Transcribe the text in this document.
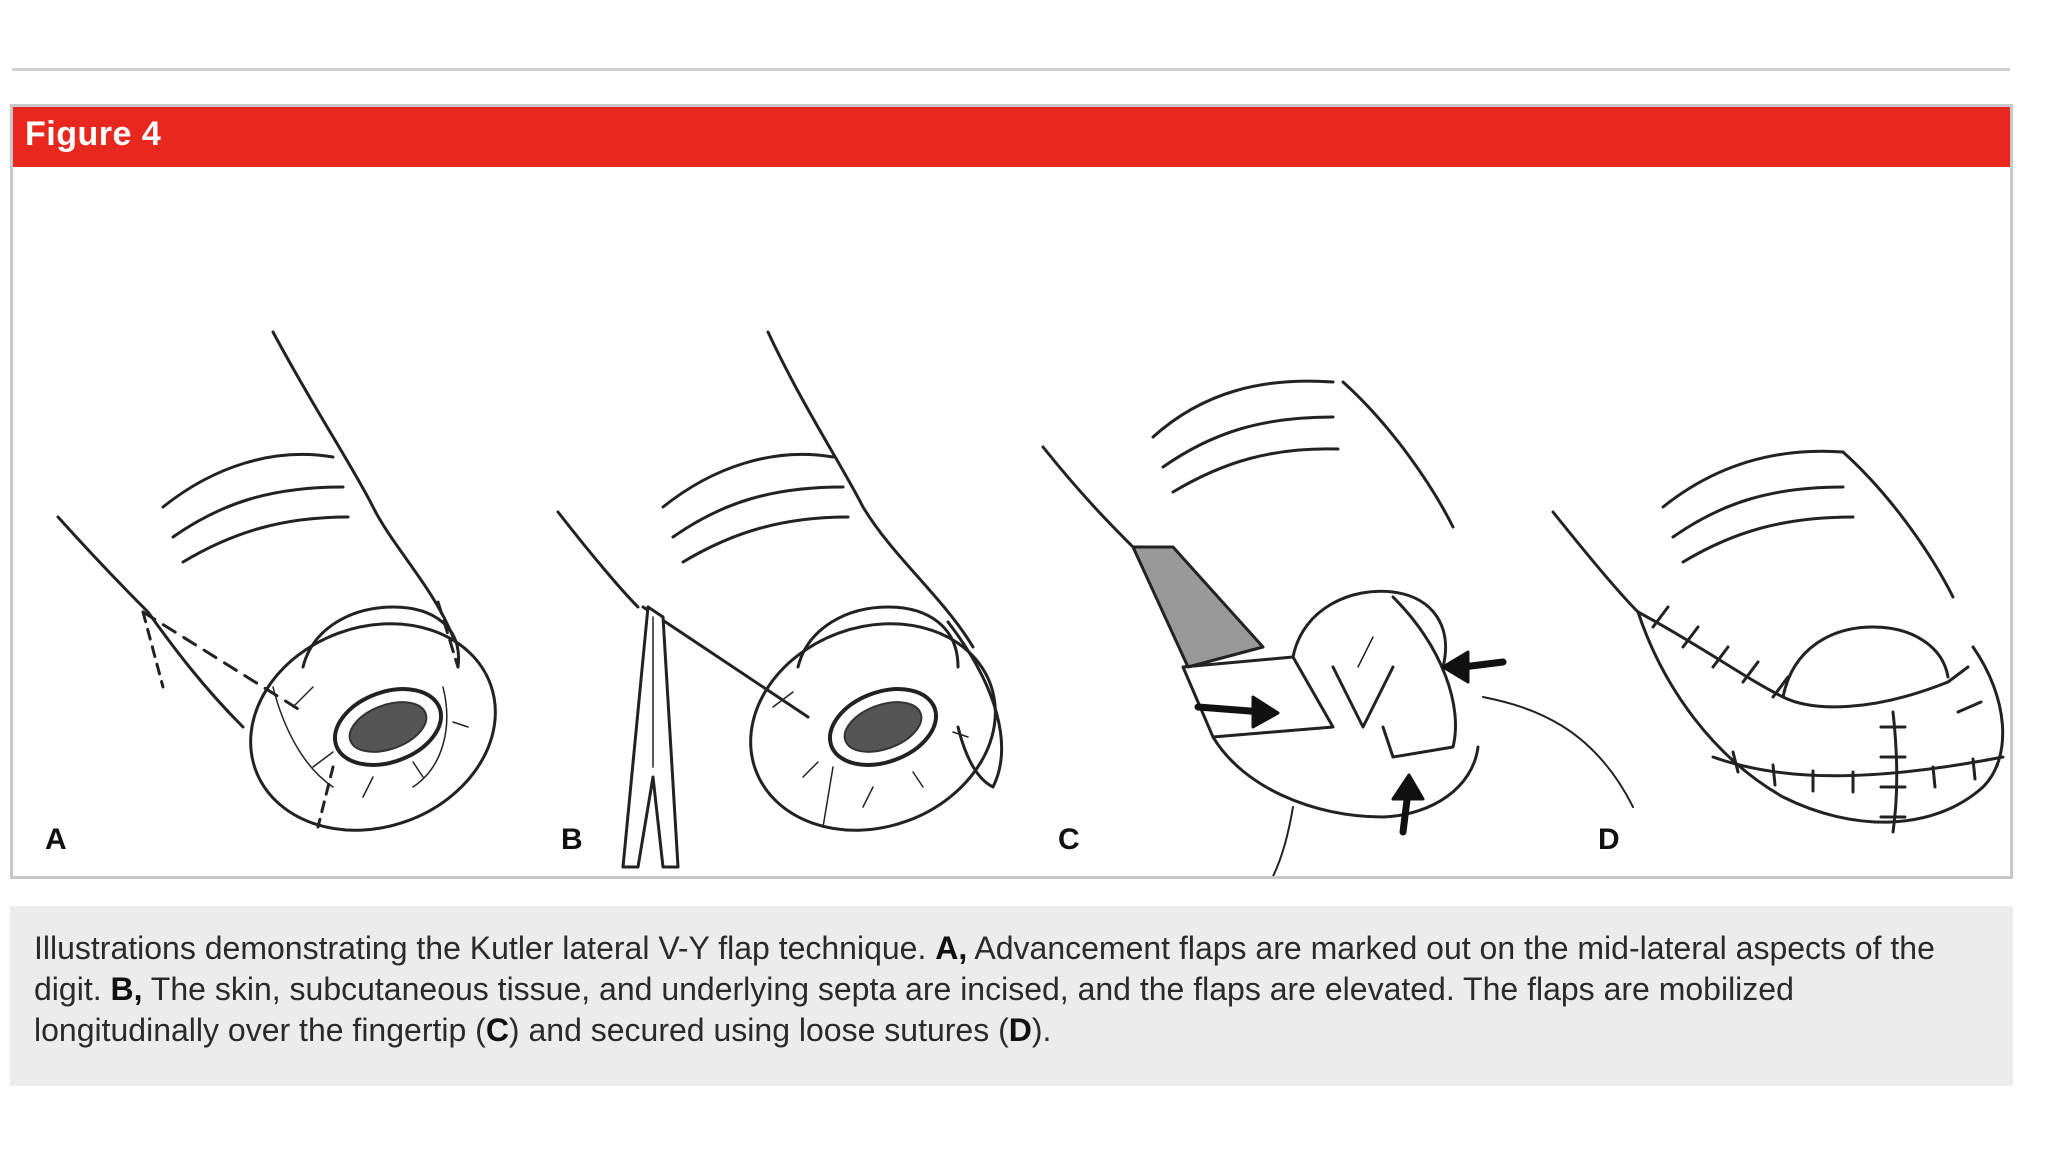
Figure 4
A	B	C	D
Illustrations demonstrating the Kutler lateral V-Y flap technique. A, Advancement flaps are marked out on the mid-lateral aspects of the digit. B, The skin, subcutaneous tissue, and underlying septa are incised, and the flaps are elevated. The flaps are mobilized longitudinally over the fingertip (C) and secured using loose sutures (D).
